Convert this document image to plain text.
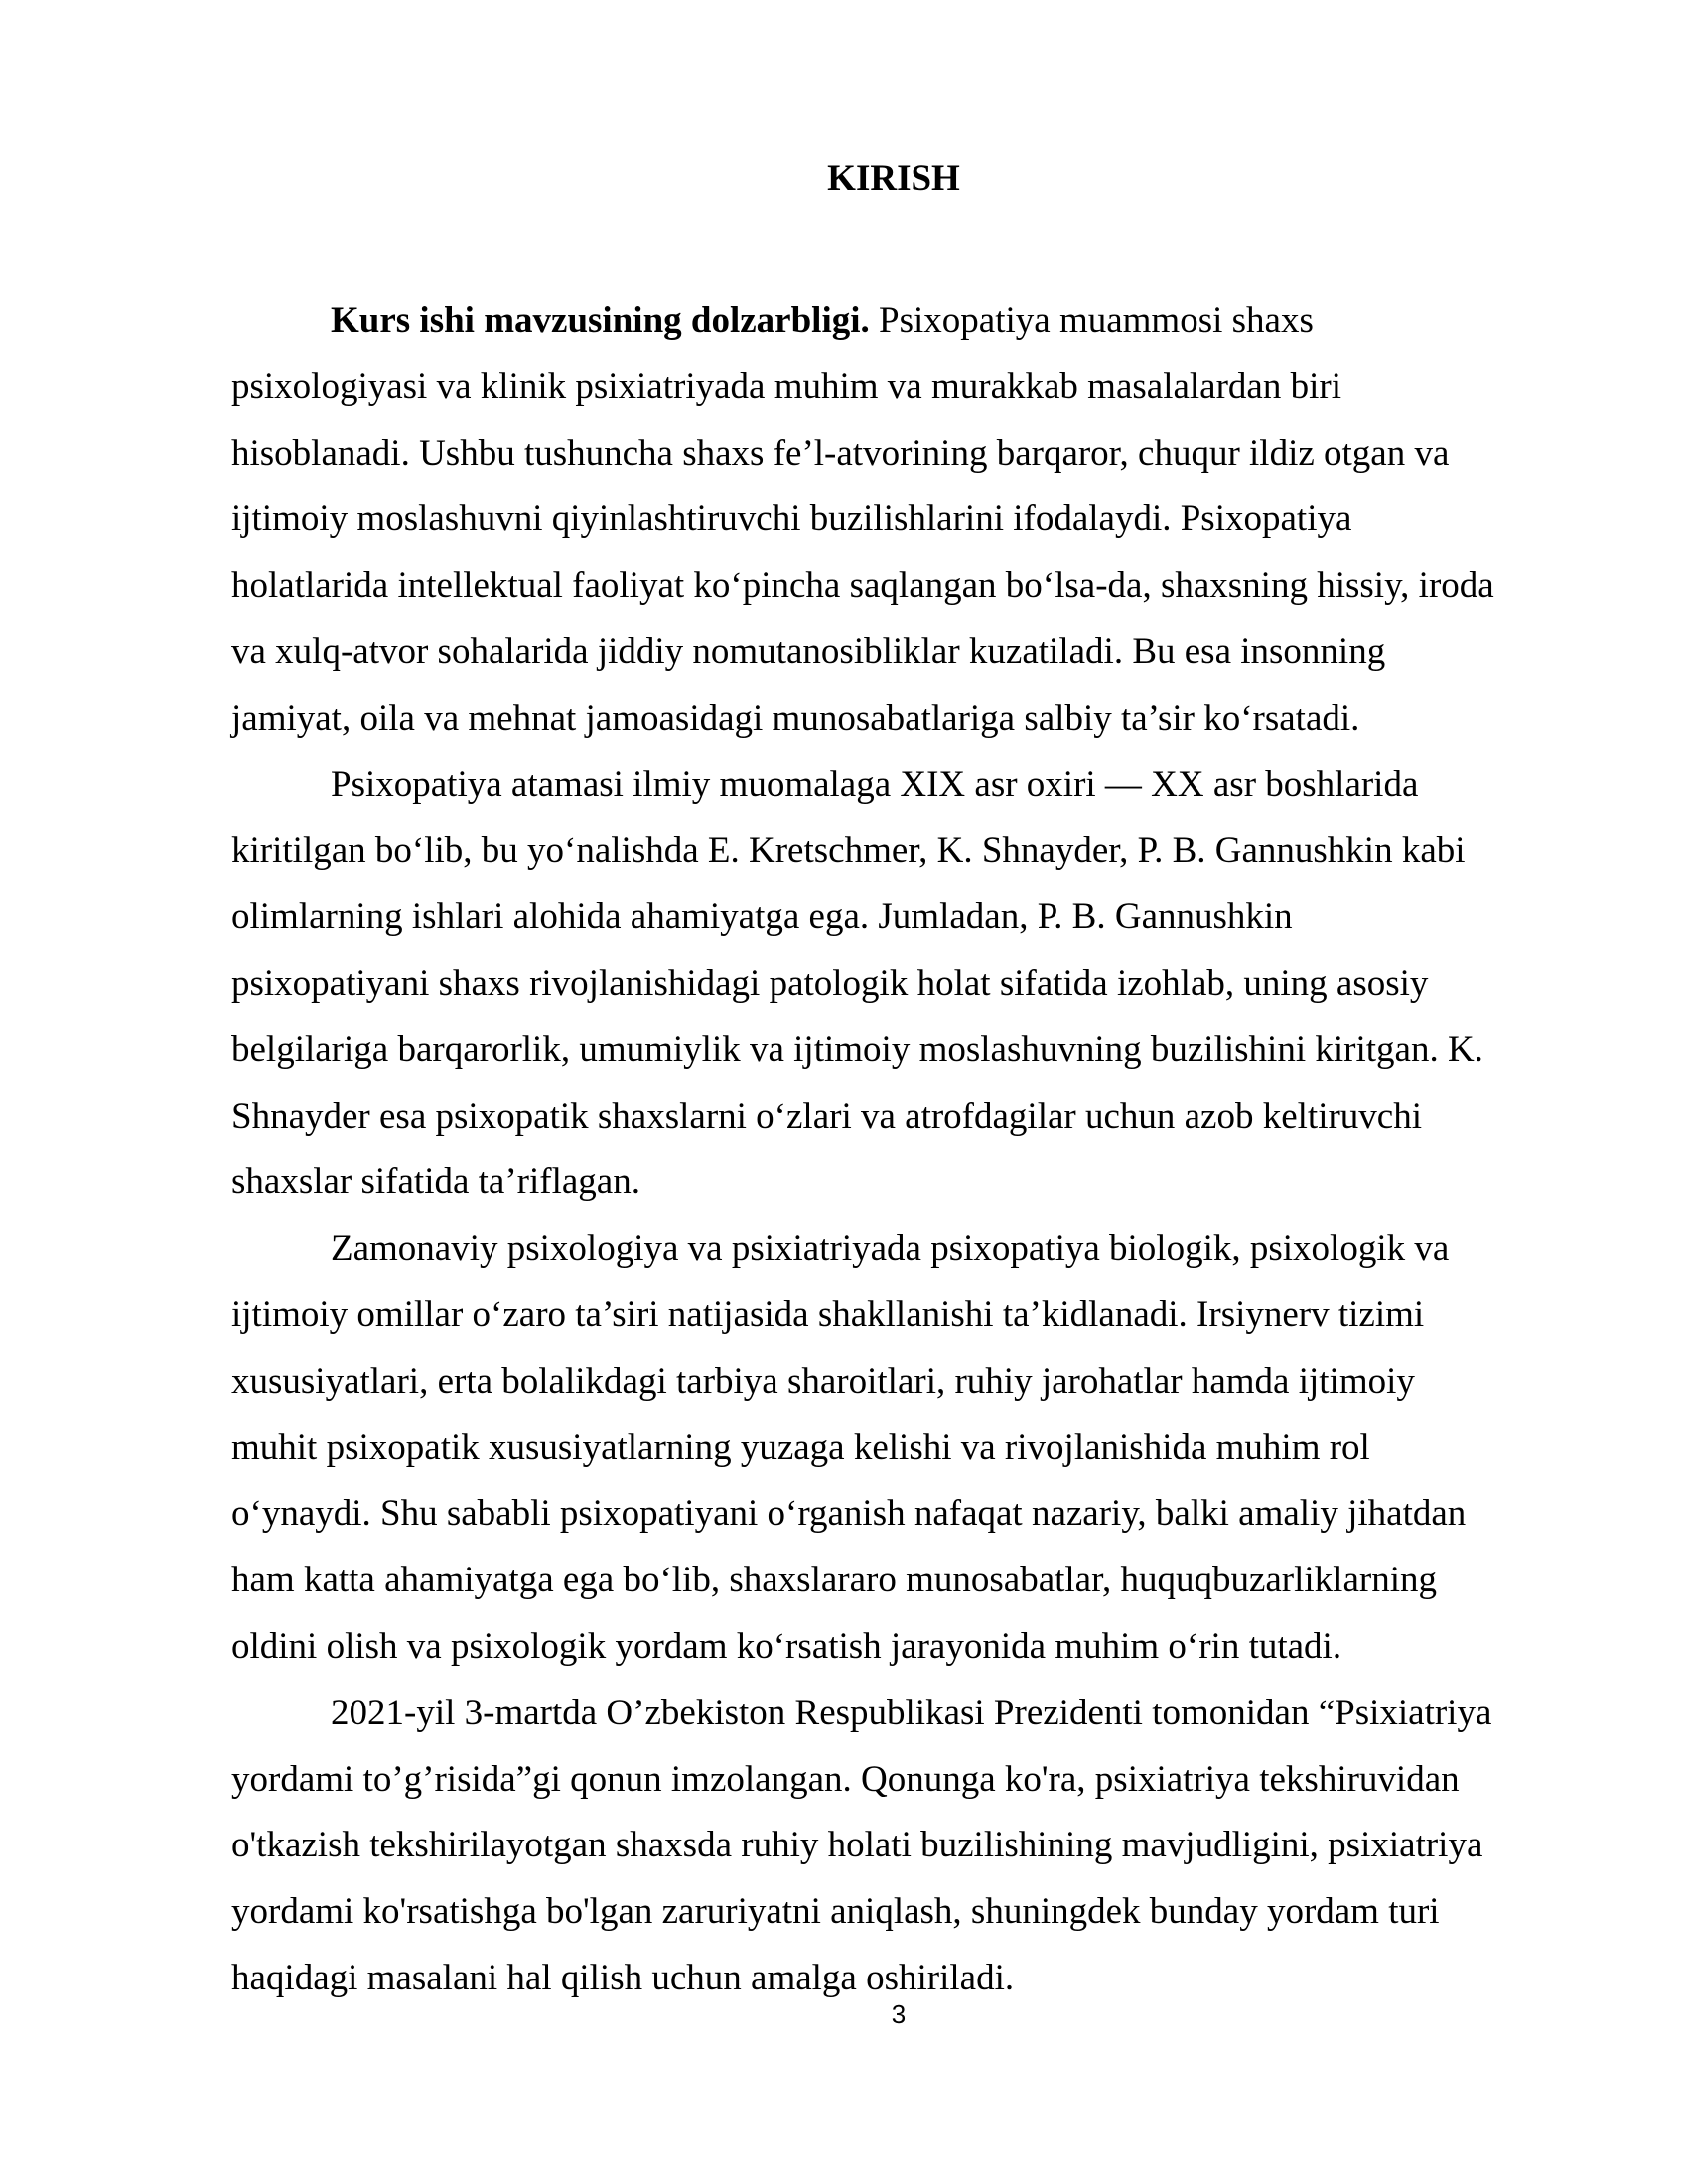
KIRISH
Kurs ishi mavzusining dolzarbligi. Psixopatiya muammosi shaxs
psixologiyasi va klinik psixiatriyada muhim va murakkab masalalardan biri
hisoblanadi. Ushbu tushuncha shaxs fe’l-atvorining barqaror, chuqur ildiz otgan va
ijtimoiy moslashuvni qiyinlashtiruvchi buzilishlarini ifodalaydi. Psixopatiya
holatlarida intellektual faoliyat ko‘pincha saqlangan bo‘lsa-da, shaxsning hissiy, iroda
va xulq-atvor sohalarida jiddiy nomutanosibliklar kuzatiladi. Bu esa insonning
jamiyat, oila va mehnat jamoasidagi munosabatlariga salbiy ta’sir ko‘rsatadi.
Psixopatiya atamasi ilmiy muomalaga XIX asr oxiri — XX asr boshlarida
kiritilgan bo‘lib, bu yo‘nalishda E. Kretschmer, K. Shnayder, P. B. Gannushkin kabi
olimlarning ishlari alohida ahamiyatga ega. Jumladan, P. B. Gannushkin
psixopatiyani shaxs rivojlanishidagi patologik holat sifatida izohlab, uning asosiy
belgilariga barqarorlik, umumiylik va ijtimoiy moslashuvning buzilishini kiritgan. K.
Shnayder esa psixopatik shaxslarni o‘zlari va atrofdagilar uchun azob keltiruvchi
shaxslar sifatida ta’riflagan.
Zamonaviy psixologiya va psixiatriyada psixopatiya biologik, psixologik va
ijtimoiy omillar o‘zaro ta’siri natijasida shakllanishi ta’kidlanadi. Irsiynerv tizimi
xususiyatlari, erta bolalikdagi tarbiya sharoitlari, ruhiy jarohatlar hamda ijtimoiy
muhit psixopatik xususiyatlarning yuzaga kelishi va rivojlanishida muhim rol
o‘ynaydi. Shu sababli psixopatiyani o‘rganish nafaqat nazariy, balki amaliy jihatdan
ham katta ahamiyatga ega bo‘lib, shaxslararo munosabatlar, huquqbuzarliklarning
oldini olish va psixologik yordam ko‘rsatish jarayonida muhim o‘rin tutadi.
2021-yil 3-martda O’zbekiston Respublikasi Prezidenti tomonidan “Psixiatriya
yordami to’g’risida”gi qonun imzolangan. Qonunga ko'ra, psixiatriya tekshiruvidan
o'tkazish tekshirilayotgan shaxsda ruhiy holati buzilishining mavjudligini, psixiatriya
yordami ko'rsatishga bo'lgan zaruriyatni aniqlash, shuningdek bunday yordam turi
haqidagi masalani hal qilish uchun amalga oshiriladi.
3
